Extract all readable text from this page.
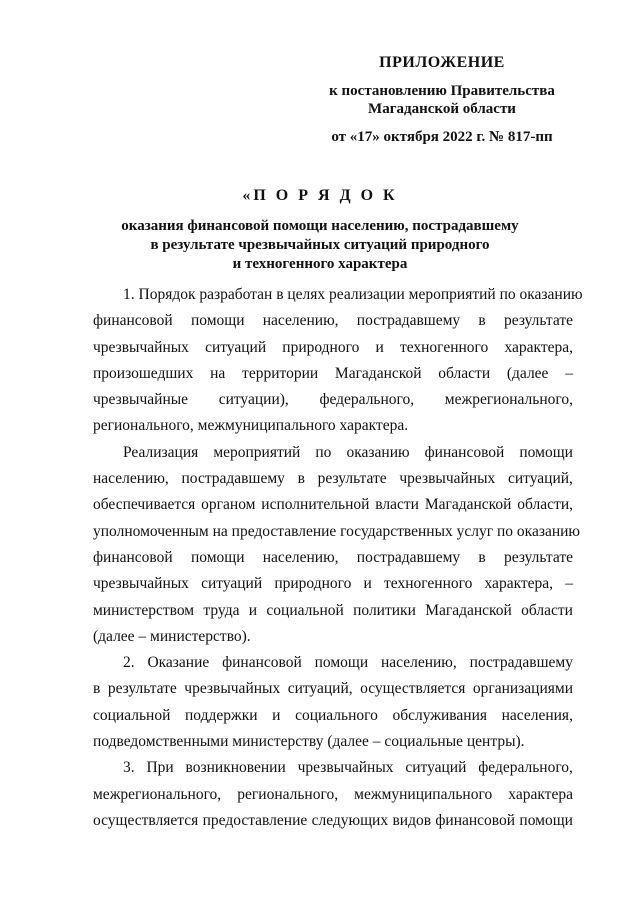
ПРИЛОЖЕНИЕ
к постановлению Правительства
Магаданской области
от «17» октября 2022 г. № 817-пп
«П О Р Я Д О К
оказания финансовой помощи населению, пострадавшему
в результате чрезвычайных ситуаций природного
и техногенного характера
1. Порядок разработан в целях реализации мероприятий по оказанию
финансовой помощи населению, пострадавшему в результате
чрезвычайных ситуаций природного и техногенного характера,
произошедших на территории Магаданской области (далее –
чрезвычайные ситуации), федерального, межрегионального,
регионального, межмуниципального характера.
Реализация мероприятий по оказанию финансовой помощи
населению, пострадавшему в результате чрезвычайных ситуаций,
обеспечивается органом исполнительной власти Магаданской области,
уполномоченным на предоставление государственных услуг по оказанию
финансовой помощи населению, пострадавшему в результате
чрезвычайных ситуаций природного и техногенного характера, –
министерством труда и социальной политики Магаданской области
(далее – министерство).
2. Оказание финансовой помощи населению, пострадавшему
в результате чрезвычайных ситуаций, осуществляется организациями
социальной поддержки и социального обслуживания населения,
подведомственными министерству (далее – социальные центры).
3. При возникновении чрезвычайных ситуаций федерального,
межрегионального, регионального, межмуниципального характера
осуществляется предоставление следующих видов финансовой помощи
